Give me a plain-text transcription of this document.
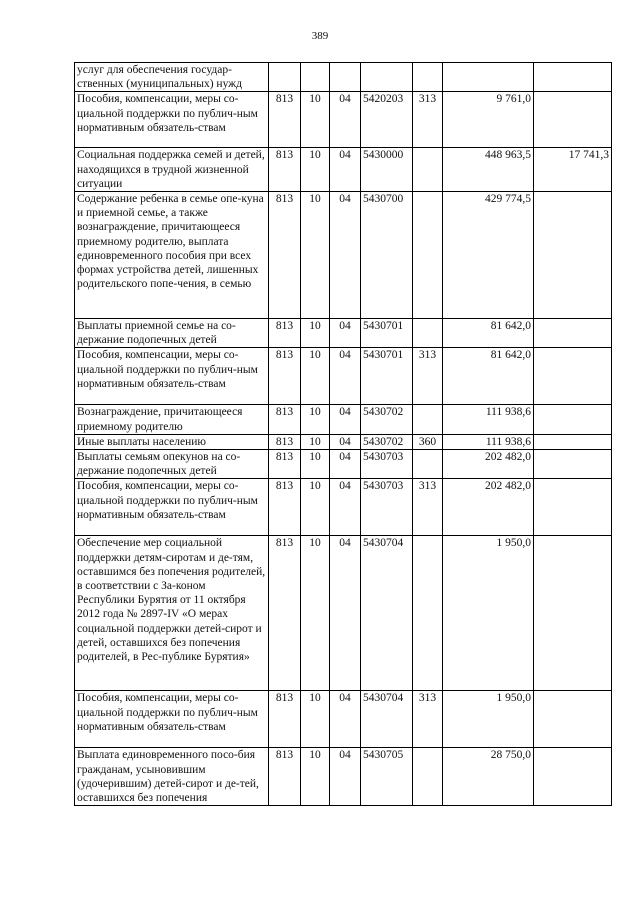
389
услуг для обеспечения государ-ственных (муниципальных) нужд							
Пособия, компенсации, меры со-циальной поддержки по публич-ным нормативным обязатель-ствам	813	10	04	5420203	313	9 761,0	
Социальная поддержка семей и детей, находящихся в трудной жизненной ситуации	813	10	04	5430000		448 963,5	17 741,3
Содержание ребенка в семье опе-куна и приемной семье, а также вознаграждение, причитающееся приемному родителю, выплата единовременного пособия при всех формах устройства детей, лишенных родительского попе-чения, в семью	813	10	04	5430700		429 774,5	
Выплаты приемной семье на со-держание подопечных детей	813	10	04	5430701		81 642,0	
Пособия, компенсации, меры со-циальной поддержки по публич-ным нормативным обязатель-ствам	813	10	04	5430701	313	81 642,0	
Вознаграждение, причитающееся приемному родителю	813	10	04	5430702		111 938,6	
Иные выплаты населению	813	10	04	5430702	360	111 938,6	
Выплаты семьям опекунов на со-держание подопечных детей	813	10	04	5430703		202 482,0	
Пособия, компенсации, меры со-циальной поддержки по публич-ным нормативным обязатель-ствам	813	10	04	5430703	313	202 482,0	
Обеспечение мер социальной поддержки детям-сиротам и де-тям, оставшимся без попечения родителей, в соответствии с За-коном Республики Бурятия от 11 октября 2012 года № 2897-IV «О мерах социальной поддержки детей-сирот и детей, оставшихся без попечения родителей, в Рес-публике Бурятия»	813	10	04	5430704		1 950,0	
Пособия, компенсации, меры со-циальной поддержки по публич-ным нормативным обязатель-ствам	813	10	04	5430704	313	1 950,0	
Выплата единовременного посо-бия гражданам, усыновившим (удочерившим) детей-сирот и де-тей, оставшихся без попечения	813	10	04	5430705		28 750,0	
